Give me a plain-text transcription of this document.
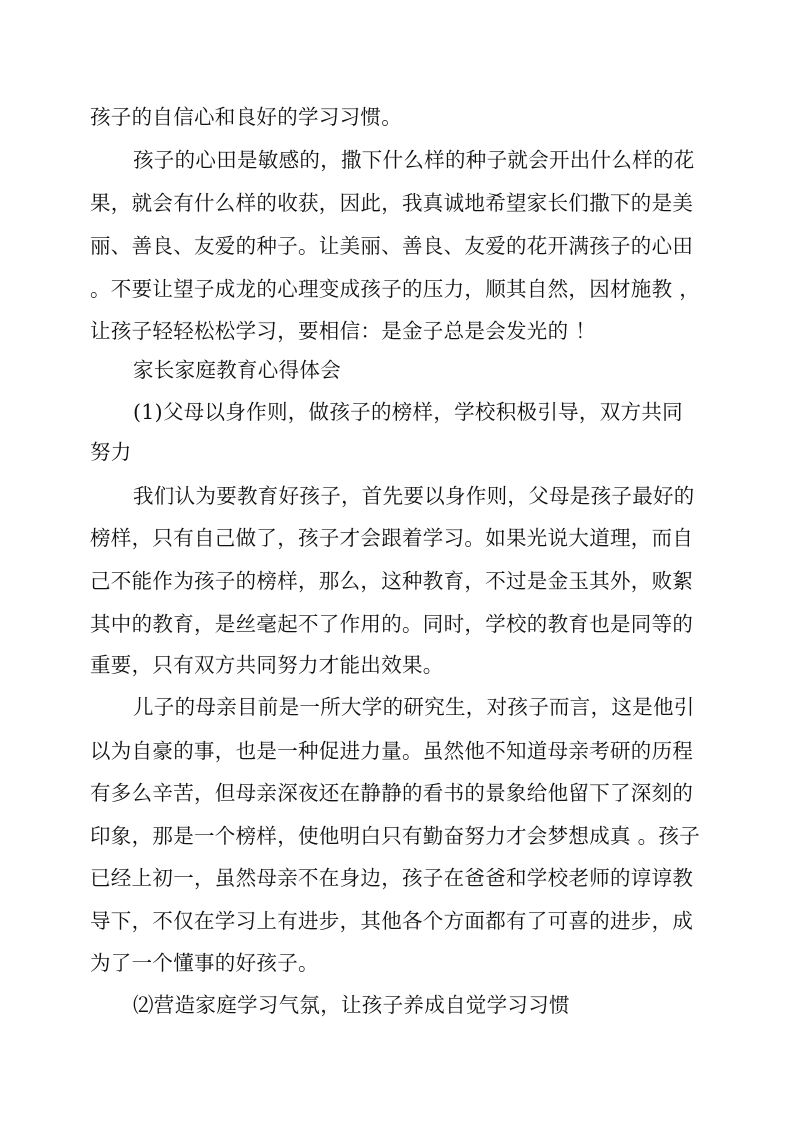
孩子的自信心和良好的学习习惯。
孩子的心田是敏感的，撒下什么样的种子就会开出什么样的花
果，就会有什么样的收获，因此，我真诚地希望家长们撒下的是美
丽、善良、友爱的种子。让美丽、善良、友爱的花开满孩子的心田
。不要让望子成龙的心理变成孩子的压力，顺其自然，因材施教 ，
让孩子轻轻松松学习，要相信：是金子总是会发光的 ！
家长家庭教育心得体会
(1)父母以身作则，做孩子的榜样，学校积极引导，双方共同
努力
我们认为要教育好孩子，首先要以身作则，父母是孩子最好的
榜样，只有自己做了，孩子才会跟着学习。如果光说大道理，而自
己不能作为孩子的榜样，那么，这种教育，不过是金玉其外，败絮
其中的教育，是丝毫起不了作用的。同时，学校的教育也是同等的
重要，只有双方共同努力才能出效果。
儿子的母亲目前是一所大学的研究生，对孩子而言，这是他引
以为自豪的事，也是一种促进力量。虽然他不知道母亲考研的历程
有多么辛苦，但母亲深夜还在静静的看书的景象给他留下了深刻的
印象，那是一个榜样，使他明白只有勤奋努力才会梦想成真 。孩子
已经上初一，虽然母亲不在身边，孩子在爸爸和学校老师的谆谆教
导下，不仅在学习上有进步，其他各个方面都有了可喜的进步，成
为了一个懂事的好孩子。
⑵营造家庭学习气氛，让孩子养成自觉学习习惯
